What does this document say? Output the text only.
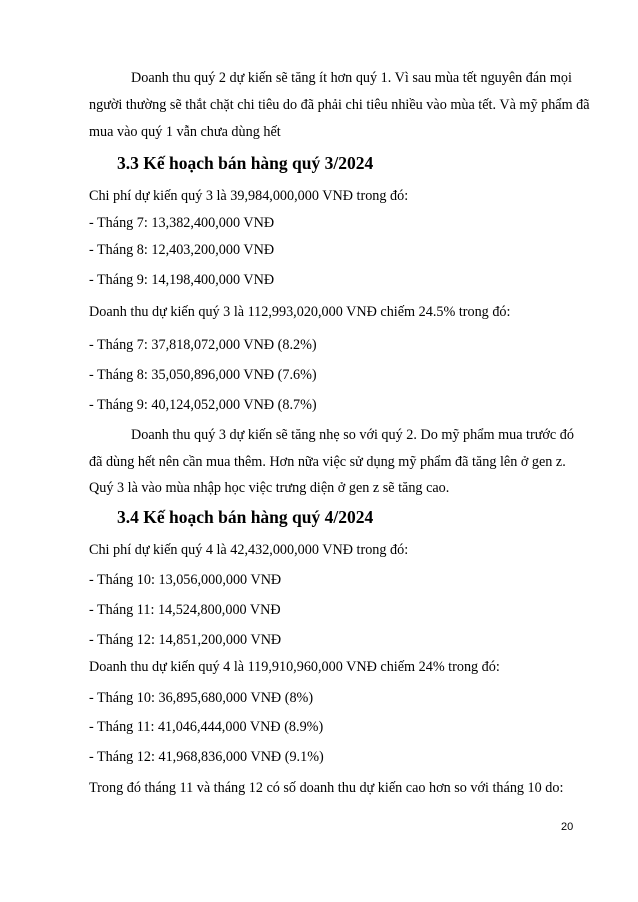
Doanh thu quý 2 dự kiến sẽ tăng ít hơn quý 1. Vì sau mùa tết nguyên đán mọi
người thường sẽ thắt chặt chi tiêu do đã phải chi tiêu nhiều vào mùa tết. Và mỹ phẩm đã
mua vào quý 1 vẫn chưa dùng hết
3.3 Kế hoạch bán hàng quý 3/2024
Chi phí dự kiến quý 3 là 39,984,000,000 VNĐ trong đó:
- Tháng 7: 13,382,400,000 VNĐ
- Tháng 8: 12,403,200,000 VNĐ
- Tháng 9: 14,198,400,000 VNĐ
Doanh thu dự kiến quý 3 là 112,993,020,000 VNĐ chiếm 24.5% trong đó:
- Tháng 7: 37,818,072,000 VNĐ (8.2%)
- Tháng 8: 35,050,896,000 VNĐ (7.6%)
- Tháng 9: 40,124,052,000 VNĐ (8.7%)
Doanh thu quý 3 dự kiến sẽ tăng nhẹ so với quý 2. Do mỹ phẩm mua trước đó
đã dùng hết nên cần mua thêm. Hơn nữa việc sử dụng mỹ phẩm đã tăng lên ở gen z.
Quý 3 là vào mùa nhập học việc trưng diện ở gen z sẽ tăng cao.
3.4 Kế hoạch bán hàng quý 4/2024
Chi phí dự kiến quý 4 là 42,432,000,000 VNĐ trong đó:
- Tháng 10: 13,056,000,000 VNĐ
- Tháng 11: 14,524,800,000 VNĐ
- Tháng 12: 14,851,200,000 VNĐ
Doanh thu dự kiến quý 4 là 119,910,960,000 VNĐ chiếm 24% trong đó:
- Tháng 10: 36,895,680,000 VNĐ (8%)
- Tháng 11: 41,046,444,000 VNĐ (8.9%)
- Tháng 12: 41,968,836,000 VNĐ (9.1%)
Trong đó tháng 11 và tháng 12 có số doanh thu dự kiến cao hơn so với tháng 10 do:
20
